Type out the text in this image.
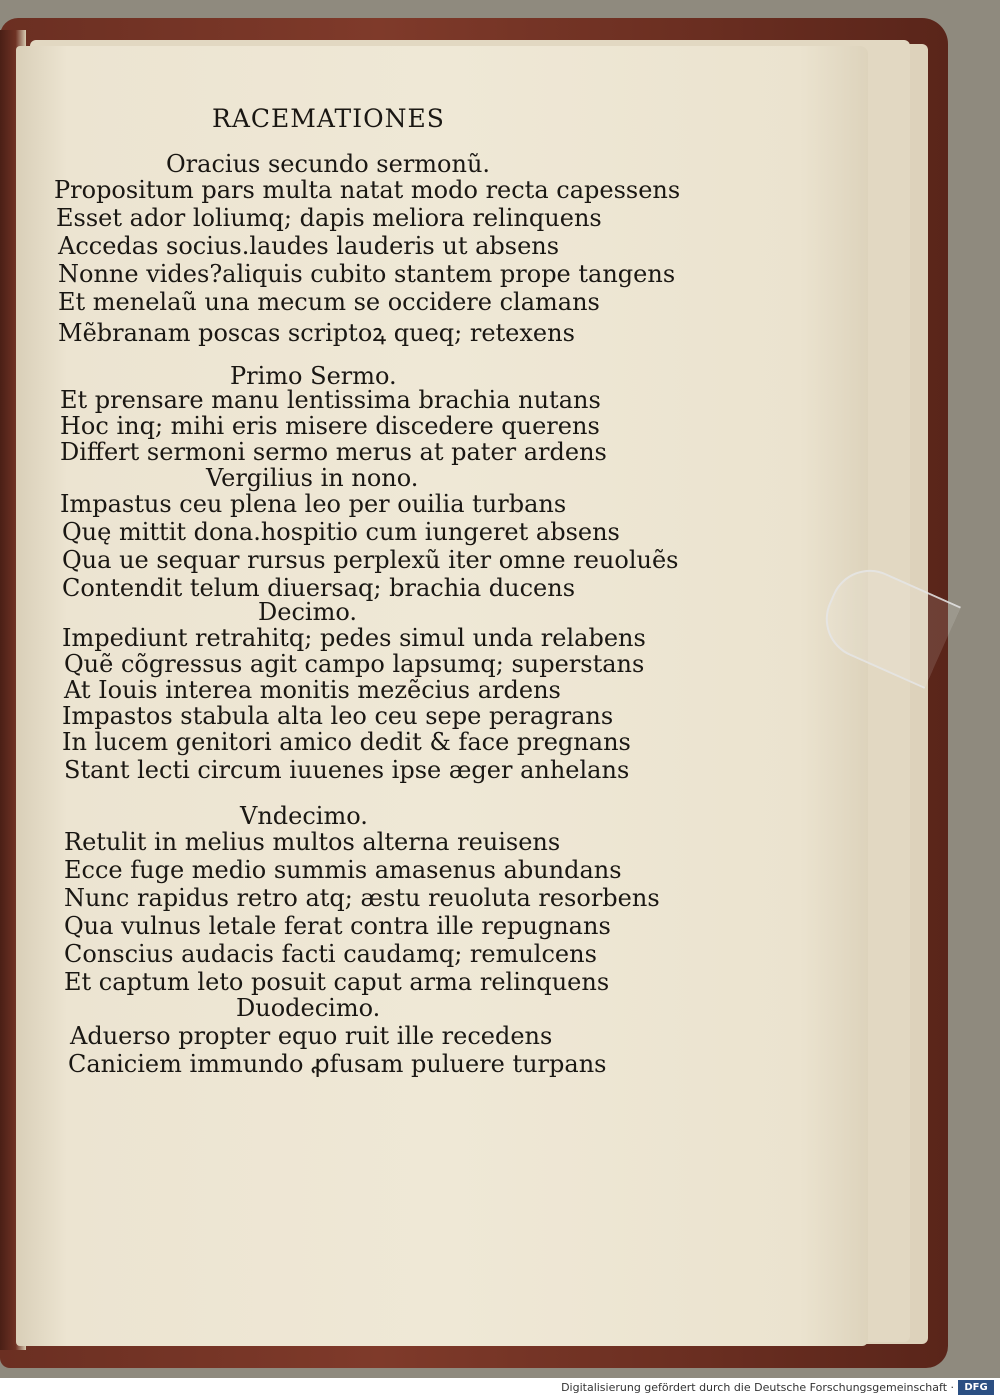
RACEMATIONES
Oracius secundo sermonũ.
Propositum pars multa natat modo recta capessens
Esset ador loliumq; dapis meliora relinquens
Accedas socius.laudes lauderis ut absens
Nonne vides?aliquis cubito stantem prope tangens
Et menelaũ una mecum se occidere clamans
Mẽbranam poscas scriptoꝝ queq; retexens
Primo Sermo.
Et prensare manu lentissima brachia nutans
Hoc inq; mihi eris misere discedere querens
Differt sermoni sermo merus at pater ardens
Vergilius in nono.
Impastus ceu plena leo per ouilia turbans
Quę mittit dona.hospitio cum iungeret absens
Qua ue sequar rursus perplexũ iter omne reuoluẽs
Contendit telum diuersaq; brachia ducens
Decimo.
Impediunt retrahitq; pedes simul unda relabens
Quẽ cõgressus agit campo lapsumq; superstans
At Iouis interea monitis mezẽcius ardens
Impastos stabula alta leo ceu sepe peragrans
In lucem genitori amico dedit & face pregnans
Stant lecti circum iuuenes ipse æger anhelans
Vndecimo.
Retulit in melius multos alterna reuisens
Ecce fuge medio summis amasenus abundans
Nunc rapidus retro atq; æstu reuoluta resorbens
Qua vulnus letale ferat contra ille repugnans
Conscius audacis facti caudamq; remulcens
Et captum leto posuit caput arma relinquens
Duodecimo.
Aduerso propter equo ruit ille recedens
Caniciem immundo ꝓfusam puluere turpans
Digitalisierung gefördert durch die Deutsche Forschungsgemeinschaft ·	DFG
